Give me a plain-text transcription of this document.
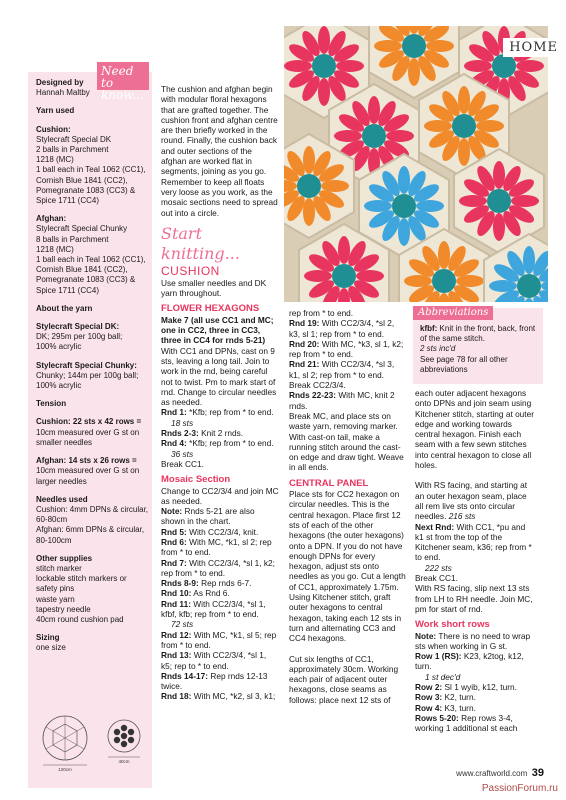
Need to know...

Designed by

Hannah Maltby

Yarn used

Cushion:

Stylecraft Special DK

2 balls in Parchment

1218 (MC)

1 ball each in Teal 1062 (CC1),

Cornish Blue 1841 (CC2),

Pomegranate 1083 (CC3) &

Spice 1711 (CC4)

Afghan:

Stylecraft Special Chunky

8 balls in Parchment

1218 (MC)

1 ball each in Teal 1062 (CC1),

Cornish Blue 1841 (CC2),

Pomegranate 1083 (CC3) &

Spice 1711 (CC4)

About the yarn

Stylecraft Special DK:

DK; 295m per 100g ball;

100% acrylic

Stylecraft Special Chunky:

Chunky; 144m per 100g ball;

100% acrylic

Tension

Cushion: 22 sts x 42 rows =

10cm measured over G st on

smaller needles

Afghan: 14 sts x 26 rows =

10cm measured over G st on

larger needles

Needles used

Cushion: 4mm DPNs & circular,

60-80cm

Afghan: 6mm DPNs & circular,

80-100cm

Other supplies

stitch marker

lockable stitch markers or

safety pins

waste yarn

tapestry needle

40cm round cushion pad

Sizing

one size

120cm
40cm
HOME

The cushion and afghan begin with modular floral hexagons that are grafted together. The cushion front and afghan centre are then briefly worked in the round. Finally, the cushion back and outer sections of the afghan are worked flat in segments, joining as you go. Remember to keep all floats very loose as you work, as the mosaic sections need to spread out into a circle.

Start knitting...

CUSHION

Use smaller needles and DK yarn throughout.

FLOWER HEXAGONS

Make 7 (all use CC1 and MC; one in CC2, three in CC3, three in CC4 for rnds 5-21)

With CC1 and DPNs, cast on 9 sts, leaving a long tail. Join to work in the rnd, being careful not to twist. Pm to mark start of rnd. Change to circular needles as needed.

Rnd 1: *Kfb; rep from * to end.
18 sts

Rnds 2-3: Knit 2 rnds.

Rnd 4: *Kfb; rep from * to end.
36 sts

Break CC1.

Mosaic Section

Change to CC2/3/4 and join MC as needed.

Note: Rnds 5-21 are also shown in the chart.

Rnd 5: With CC2/3/4, knit.

Rnd 6: With MC, *k1, sl 2; rep from * to end.

Rnd 7: With CC2/3/4, *sl 1, k2; rep from * to end.

Rnds 8-9: Rep rnds 6-7.

Rnd 10: As Rnd 6.

Rnd 11: With CC2/3/4, *sl 1, kfbf, kfb; rep from * to end.
72 sts

Rnd 12: With MC, *k1, sl 5; rep from * to end.

Rnd 13: With CC2/3/4, *sl 1, k5; rep to * to end.

Rnds 14-17: Rep rnds 12-13 twice.

Rnd 18: With MC, *k2, sl 3, k1;

rep from * to end.

Rnd 19: With CC2/3/4, *sl 2, k3, sl 1; rep from * to end.

Rnd 20: With MC, *k3, sl 1, k2; rep from * to end.

Rnd 21: With CC2/3/4, *sl 3, k1, sl 2; rep from * to end.

Break CC2/3/4.

Rnds 22-23: With MC, knit 2 rnds.

Break MC, and place sts on waste yarn, removing marker. With cast-on tail, make a running stitch around the cast-on edge and draw tight. Weave in all ends.

CENTRAL PANEL

Place sts for CC2 hexagon on circular needles. This is the central hexagon. Place first 12 sts of each of the other hexagons (the outer hexagons) onto a DPN. If you do not have enough DPNs for every hexagon, adjust sts onto needles as you go. Cut a length of CC1, approximately 1.75m. Using Kitchener stitch, graft outer hexagons to central hexagon, taking each 12 sts in turn and alternating CC3 and CC4 hexagons.

Cut six lengths of CC1, approximately 30cm. Working each pair of adjacent outer hexagons, close seams as follows: place next 12 sts of

Abbreviations

kfbf: Knit in the front, back, front of the same stitch.

2 sts inc'd

See page 78 for all other abbreviations

each outer adjacent hexagons onto DPNs and join seam using Kitchener stitch, starting at outer edge and working towards central hexagon. Finish each seam with a few sewn stitches into central hexagon to close all holes.

With RS facing, and starting at an outer hexagon seam, place all rem live sts onto circular needles. 216 sts

Next Rnd: With CC1, *pu and k1 st from the top of the Kitchener seam, k36; rep from * to end.
222 sts

Break CC1.

With RS facing, slip next 13 sts from LH to RH needle. Join MC, pm for start of rnd.

Work short rows

Note: There is no need to wrap sts when working in G st.

Row 1 (RS): K23, k2tog, k12, turn.
1 st dec'd

Row 2: Sl 1 wyib, k12, turn.

Row 3: K2, turn.

Row 4: K3, turn.

Rows 5-20: Rep rows 3-4, working 1 additional st each

www.craftworld.com 39
PassionForum.ru
